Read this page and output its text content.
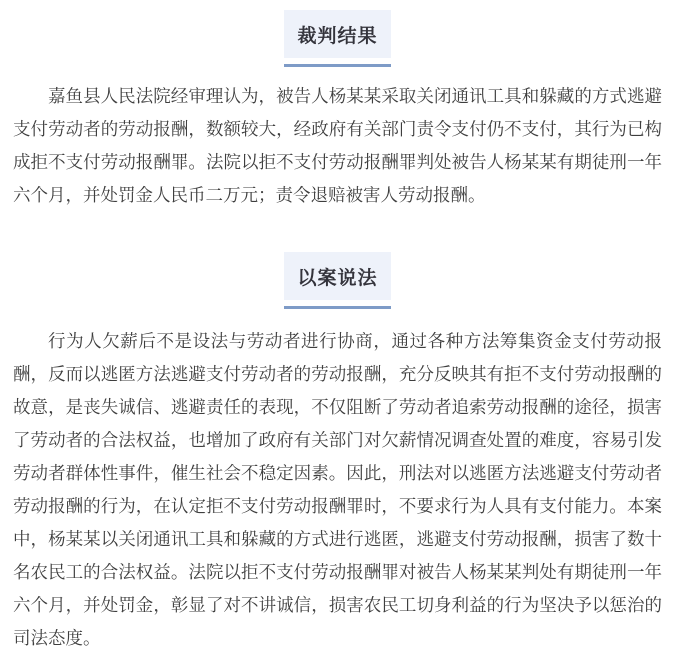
裁判结果

嘉鱼县人民法院经审理认为，被告人杨某某采取关闭通讯工具和躲藏的方式逃避支付劳动者的劳动报酬，数额较大，经政府有关部门责令支付仍不支付，其行为已构成拒不支付劳动报酬罪。法院以拒不支付劳动报酬罪判处被告人杨某某有期徒刑一年六个月，并处罚金人民币二万元；责令退赔被害人劳动报酬。

以案说法

行为人欠薪后不是设法与劳动者进行协商，通过各种方法筹集资金支付劳动报酬，反而以逃匿方法逃避支付劳动者的劳动报酬，充分反映其有拒不支付劳动报酬的故意，是丧失诚信、逃避责任的表现，不仅阻断了劳动者追索劳动报酬的途径，损害了劳动者的合法权益，也增加了政府有关部门对欠薪情况调查处置的难度，容易引发劳动者群体性事件，催生社会不稳定因素。因此，刑法对以逃匿方法逃避支付劳动者劳动报酬的行为，在认定拒不支付劳动报酬罪时，不要求行为人具有支付能力。本案中，杨某某以关闭通讯工具和躲藏的方式进行逃匿，逃避支付劳动报酬，损害了数十名农民工的合法权益。法院以拒不支付劳动报酬罪对被告人杨某某判处有期徒刑一年六个月，并处罚金，彰显了对不讲诚信，损害农民工切身利益的行为坚决予以惩治的司法态度。
